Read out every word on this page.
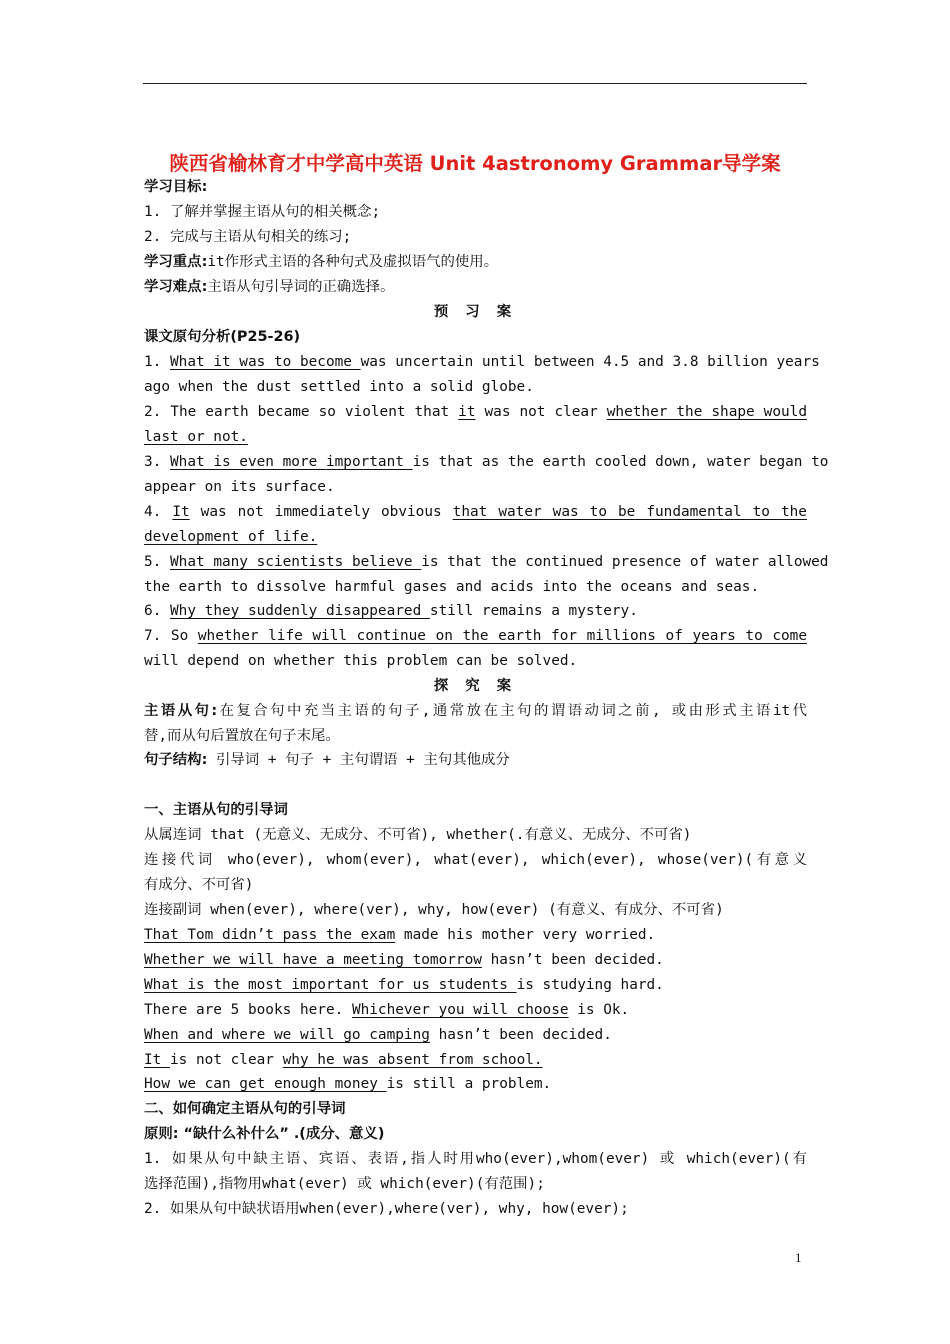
陕西省榆林育才中学高中英语 Unit 4astronomy Grammar导学案
学习目标:
1. 了解并掌握主语从句的相关概念;
2. 完成与主语从句相关的练习;
学习重点:it作形式主语的各种句式及虚拟语气的使用。
学习难点:主语从句引导词的正确选择。
预 习 案
课文原句分析(P25-26)
1. What it was to become was uncertain until between 4.5 and 3.8 billion years
ago when the dust settled into a solid globe.
2. The earth became so violent that it was not clear whether the shape would
last or not.
3. What is even more important is that as the earth cooled down, water began to
appear on its surface.
4. It was not immediately obvious that water was to be fundamental to the
development of life.
5. What many scientists believe is that the continued presence of water allowed
the earth to dissolve harmful gases and acids into the oceans and seas.
6. Why they suddenly disappeared still remains a mystery.
7. So whether life will continue on the earth for millions of years to come
will depend on whether this problem can be solved.
探 究 案
主语从句:在复合句中充当主语的句子,通常放在主句的谓语动词之前, 或由形式主语it代
替,而从句后置放在句子末尾。
句子结构: 引导词 + 句子 + 主句谓语 + 主句其他成分
一、主语从句的引导词
从属连词 that (无意义、无成分、不可省), whether(.有意义、无成分、不可省)
连接代词 who(ever), whom(ever), what(ever), which(ever), whose(ver)(有意义
有成分、不可省)
连接副词 when(ever), where(ver), why, how(ever) (有意义、有成分、不可省)
That Tom didn’t pass the exam made his mother very worried.
Whether we will have a meeting tomorrow hasn’t been decided.
What is the most important for us students is studying hard.
There are 5 books here. Whichever you will choose is Ok.
When and where we will go camping hasn’t been decided.
It is not clear why he was absent from school.
How we can get enough money is still a problem.
二、如何确定主语从句的引导词
原则: “缺什么补什么” .(成分、意义)
1. 如果从句中缺主语、宾语、表语,指人时用who(ever),whom(ever) 或 which(ever)(有
选择范围),指物用what(ever) 或 which(ever)(有范围);
2. 如果从句中缺状语用when(ever),where(ver), why, how(ever);
1
